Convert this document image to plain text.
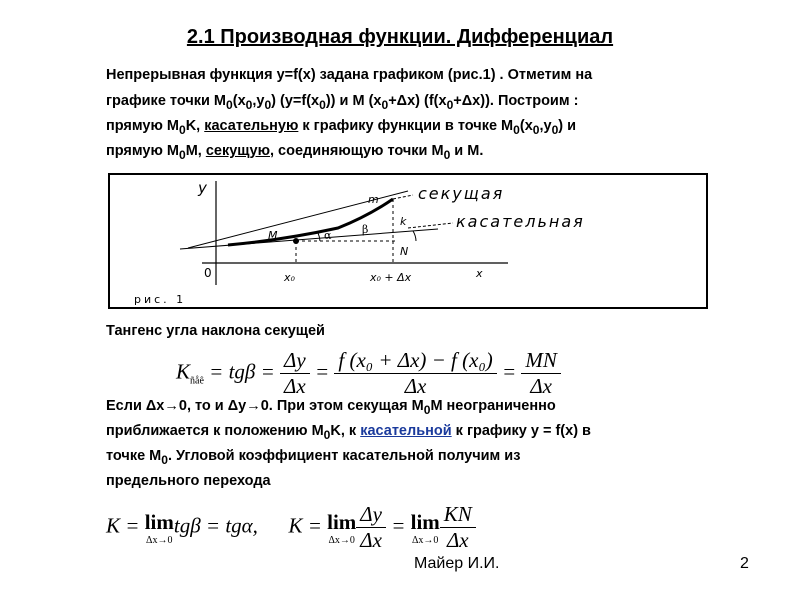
2.1 Производная функции. Дифференциал
Непрерывная функция y=f(x) задана графиком (рис.1) . Отметим на
графике точки $M_0(x_0,y_0)$ $(y=f(x_0))$ и M $(x_0+\Delta x)$ $(f(x_0+\Delta x))$. Построим :
прямую $M_0K$, касательную к графику функции в точке $M_0(x_0,y_0)$ и
прямую $M_0M$, секущую, соединяющую точки $M_0$ и M.
y	секущая
касательная
m
k
M
N
α	β
0	x₀	x₀ + Δx	x
рис. 1
Тангенс угла наклона секущей
$K_{ñåê} = tg\beta = \frac{\Delta y}{\Delta x} = \frac{\text{f (x₀ + Δx) − f (x₀)}}{\Delta x} = \frac{MN}{\Delta x}$
Если Δx→0, то и Δy→0. При этом секущая $M_0M$ неограниченно
приближается к положению $M_0K$, к касательной к графику y = f(x) в
точке $M_0$. Угловой коэффициент касательной получим из
предельного перехода
K = lim
Δx→0
tgβ = tgα, K = lim
$\Delta x\to 0 \frac{\Delta y}{\Delta x} = \lim$
$\Delta x\to 0 \frac{KN}{\Delta x}$
Майер И.И.	2
